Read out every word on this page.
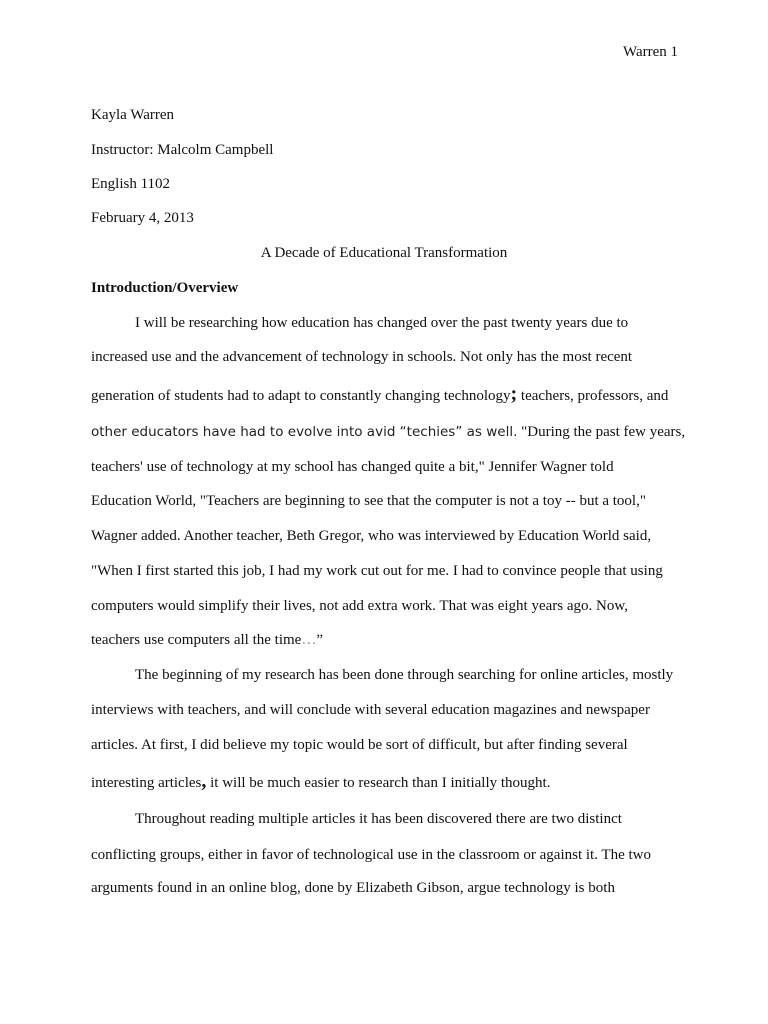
Warren 1
Kayla Warren
Instructor: Malcolm Campbell
English 1102
February 4, 2013
A Decade of Educational Transformation
Introduction/Overview
I will be researching how education has changed over the past twenty years due to
increased use and the advancement of technology in schools. Not only has the most recent
generation of students had to adapt to constantly changing technology; teachers, professors, and
other educators have had to evolve into avid “techies” as well. "During the past few years,
teachers' use of technology at my school has changed quite a bit," Jennifer Wagner told
Education World, "Teachers are beginning to see that the computer is not a toy -- but a tool,"
Wagner added. Another teacher, Beth Gregor, who was interviewed by Education World said,
"When I first started this job, I had my work cut out for me. I had to convince people that using
computers would simplify their lives, not add extra work. That was eight years ago. Now,
teachers use computers all the time…”
The beginning of my research has been done through searching for online articles, mostly
interviews with teachers, and will conclude with several education magazines and newspaper
articles. At first, I did believe my topic would be sort of difficult, but after finding several
interesting articles, it will be much easier to research than I initially thought.
Throughout reading multiple articles it has been discovered there are two distinct
conflicting groups, either in favor of technological use in the classroom or against it. The two
arguments found in an online blog, done by Elizabeth Gibson, argue technology is both
